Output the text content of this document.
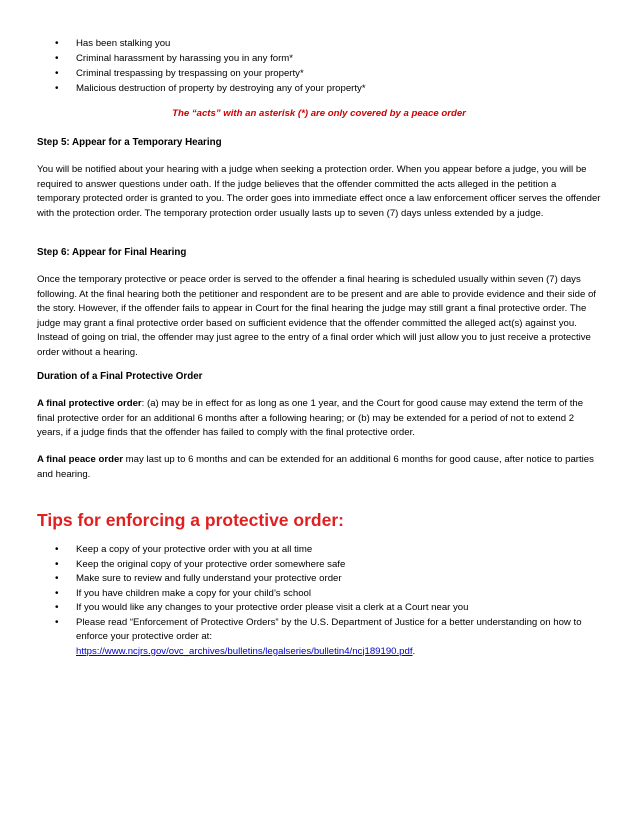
• Has been stalking you
• Criminal harassment by harassing you in any form*
• Criminal trespassing by trespassing on your property*
• Malicious destruction of property by destroying any of your property*
The “acts” with an asterisk (*) are only covered by a peace order
Step 5: Appear for a Temporary Hearing
You will be notified about your hearing with a judge when seeking a protection order. When you appear before a judge, you will be required to answer questions under oath. If the judge believes that the offender committed the acts alleged in the petition a temporary protected order is granted to you. The order goes into immediate effect once a law enforcement officer serves the offender with the protection order. The temporary protection order usually lasts up to seven (7) days unless extended by a judge.
Step 6: Appear for Final Hearing
Once the temporary protective or peace order is served to the offender a final hearing is scheduled usually within seven (7) days following. At the final hearing both the petitioner and respondent are to be present and are able to provide evidence and their side of the story. However, if the offender fails to appear in Court for the final hearing the judge may still grant a final protective order. The judge may grant a final protective order based on sufficient evidence that the offender committed the alleged act(s) against you. Instead of going on trial, the offender may just agree to the entry of a final order which will just allow you to just receive a protective order without a hearing.
Duration of a Final Protective Order
A final protective order: (a) may be in effect for as long as one 1 year, and the Court for good cause may extend the term of the final protective order for an additional 6 months after a following hearing; or (b) may be extended for a period of not to extend 2 years, if a judge finds that the offender has failed to comply with the final protective order.
A final peace order may last up to 6 months and can be extended for an additional 6 months for good cause, after notice to parties and hearing.
Tips for enforcing a protective order:
• Keep a copy of your protective order with you at all time
• Keep the original copy of your protective order somewhere safe
• Make sure to review and fully understand your protective order
• If you have children make a copy for your child’s school
• If you would like any changes to your protective order please visit a clerk at a Court near you
• Please read “Enforcement of Protective Orders” by the U.S. Department of Justice for a better understanding on how to enforce your protective order at:
https://www.ncjrs.gov/ovc_archives/bulletins/legalseries/bulletin4/ncj189190.pdf.
